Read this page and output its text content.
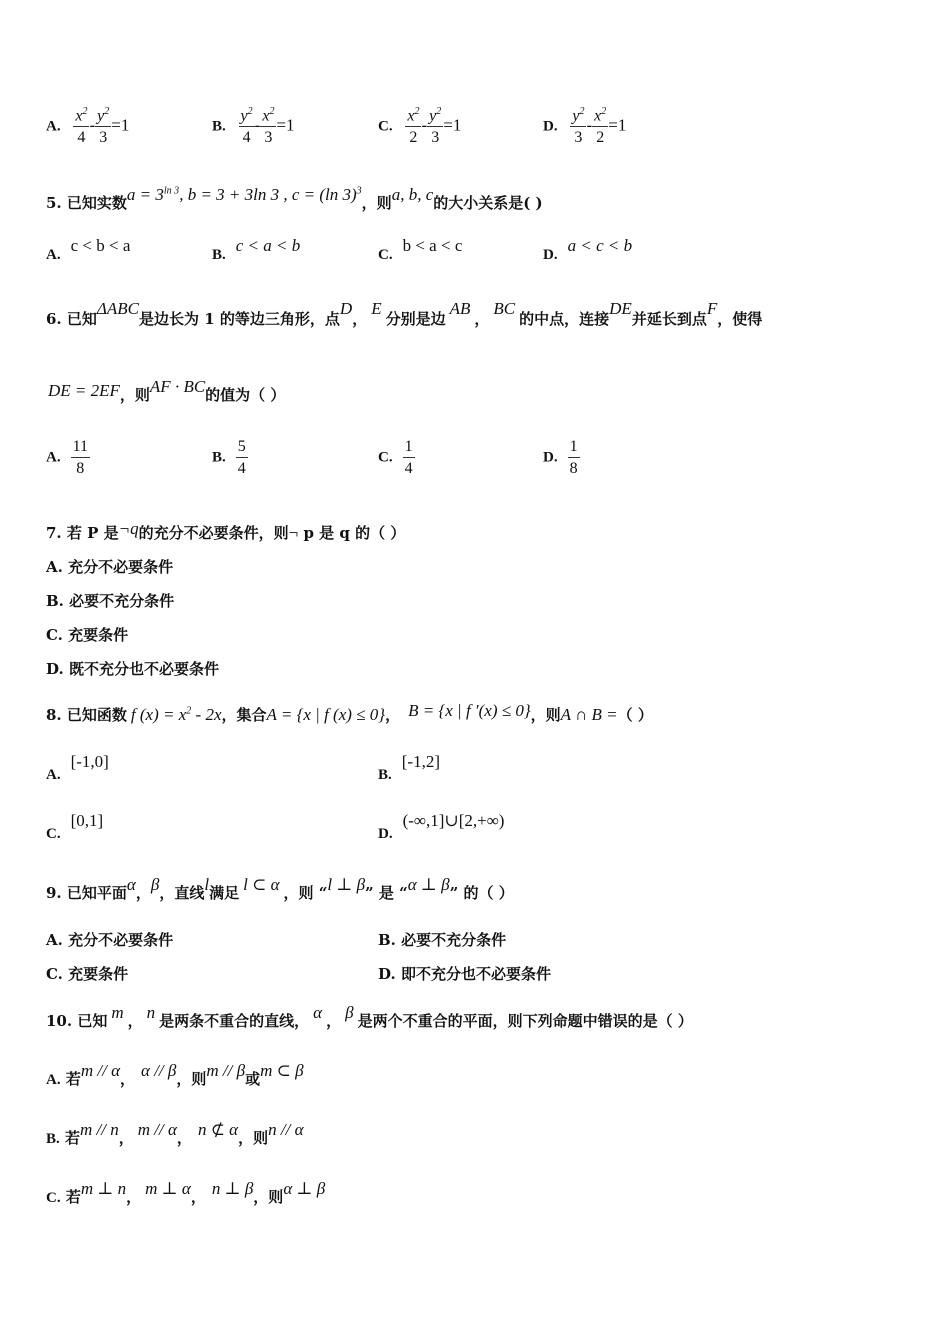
A. $\frac{x^2}{4} - \frac{y^2}{3} =1$	B. $\frac{y^2}{4} - \frac{x^2}{3} =1$	C. $\frac{x^2}{2} - \frac{y^2}{3} =1$	D. $\frac{y^2}{3} - \frac{x^2}{2} =1$
5. 已知实数$a = 3^{ln 3}$, b = 3 + 3ln 3 , c = (ln 3)$^3$，则a, b, c的大小关系是( )
A. c < b < a	B. c < a < b	C. b < a < c	D. a < c < b
6. 已知ΔABC是边长为 1 的等边三角形，点D，E分别是边AB，BC的中点，连接DE并延长到点F，使得
DE = 2EF，则AF · BC的值为（ ）
A. $\frac{11}{8}$	B. $\frac{5}{4}$	C. $\frac{1}{4}$	D. $\frac{1}{8}$
7. 若 P 是¬q的充分不必要条件，则¬ p 是 q 的（ ）
A. 充分不必要条件
B. 必要不充分条件
C. 充要条件
D. 既不充分也不必要条件
8. 已知函数 f $(x) = x^2 - 2x$，集合A = {x | f (x) ≤ 0}， B = {x | f ′(x) ≤ 0}，则A ∩ B =（ ）
A.[-1,0]
B.[-1,2]
C.[0,1]
D.(-∞,1]∪[2,+∞)
9. 已知平面α，β，直线l满足 l ⊂ α ，则 “l ⊥ β” 是 “α ⊥ β” 的（ ）
A. 充分不必要条件	B. 必要不充分条件
C. 充要条件	D. 即不充分也不必要条件
10. 已知 m ， n 是两条不重合的直线， α ， β 是两个不重合的平面，则下列命题中错误的是（ ）
A. 若m // α， α // β，则m // β或m ⊂ β
B. 若m // n， m // α， n ⊄ α，则n // α
C. 若m ⊥ n， m ⊥ α， n ⊥ β，则α ⊥ β
